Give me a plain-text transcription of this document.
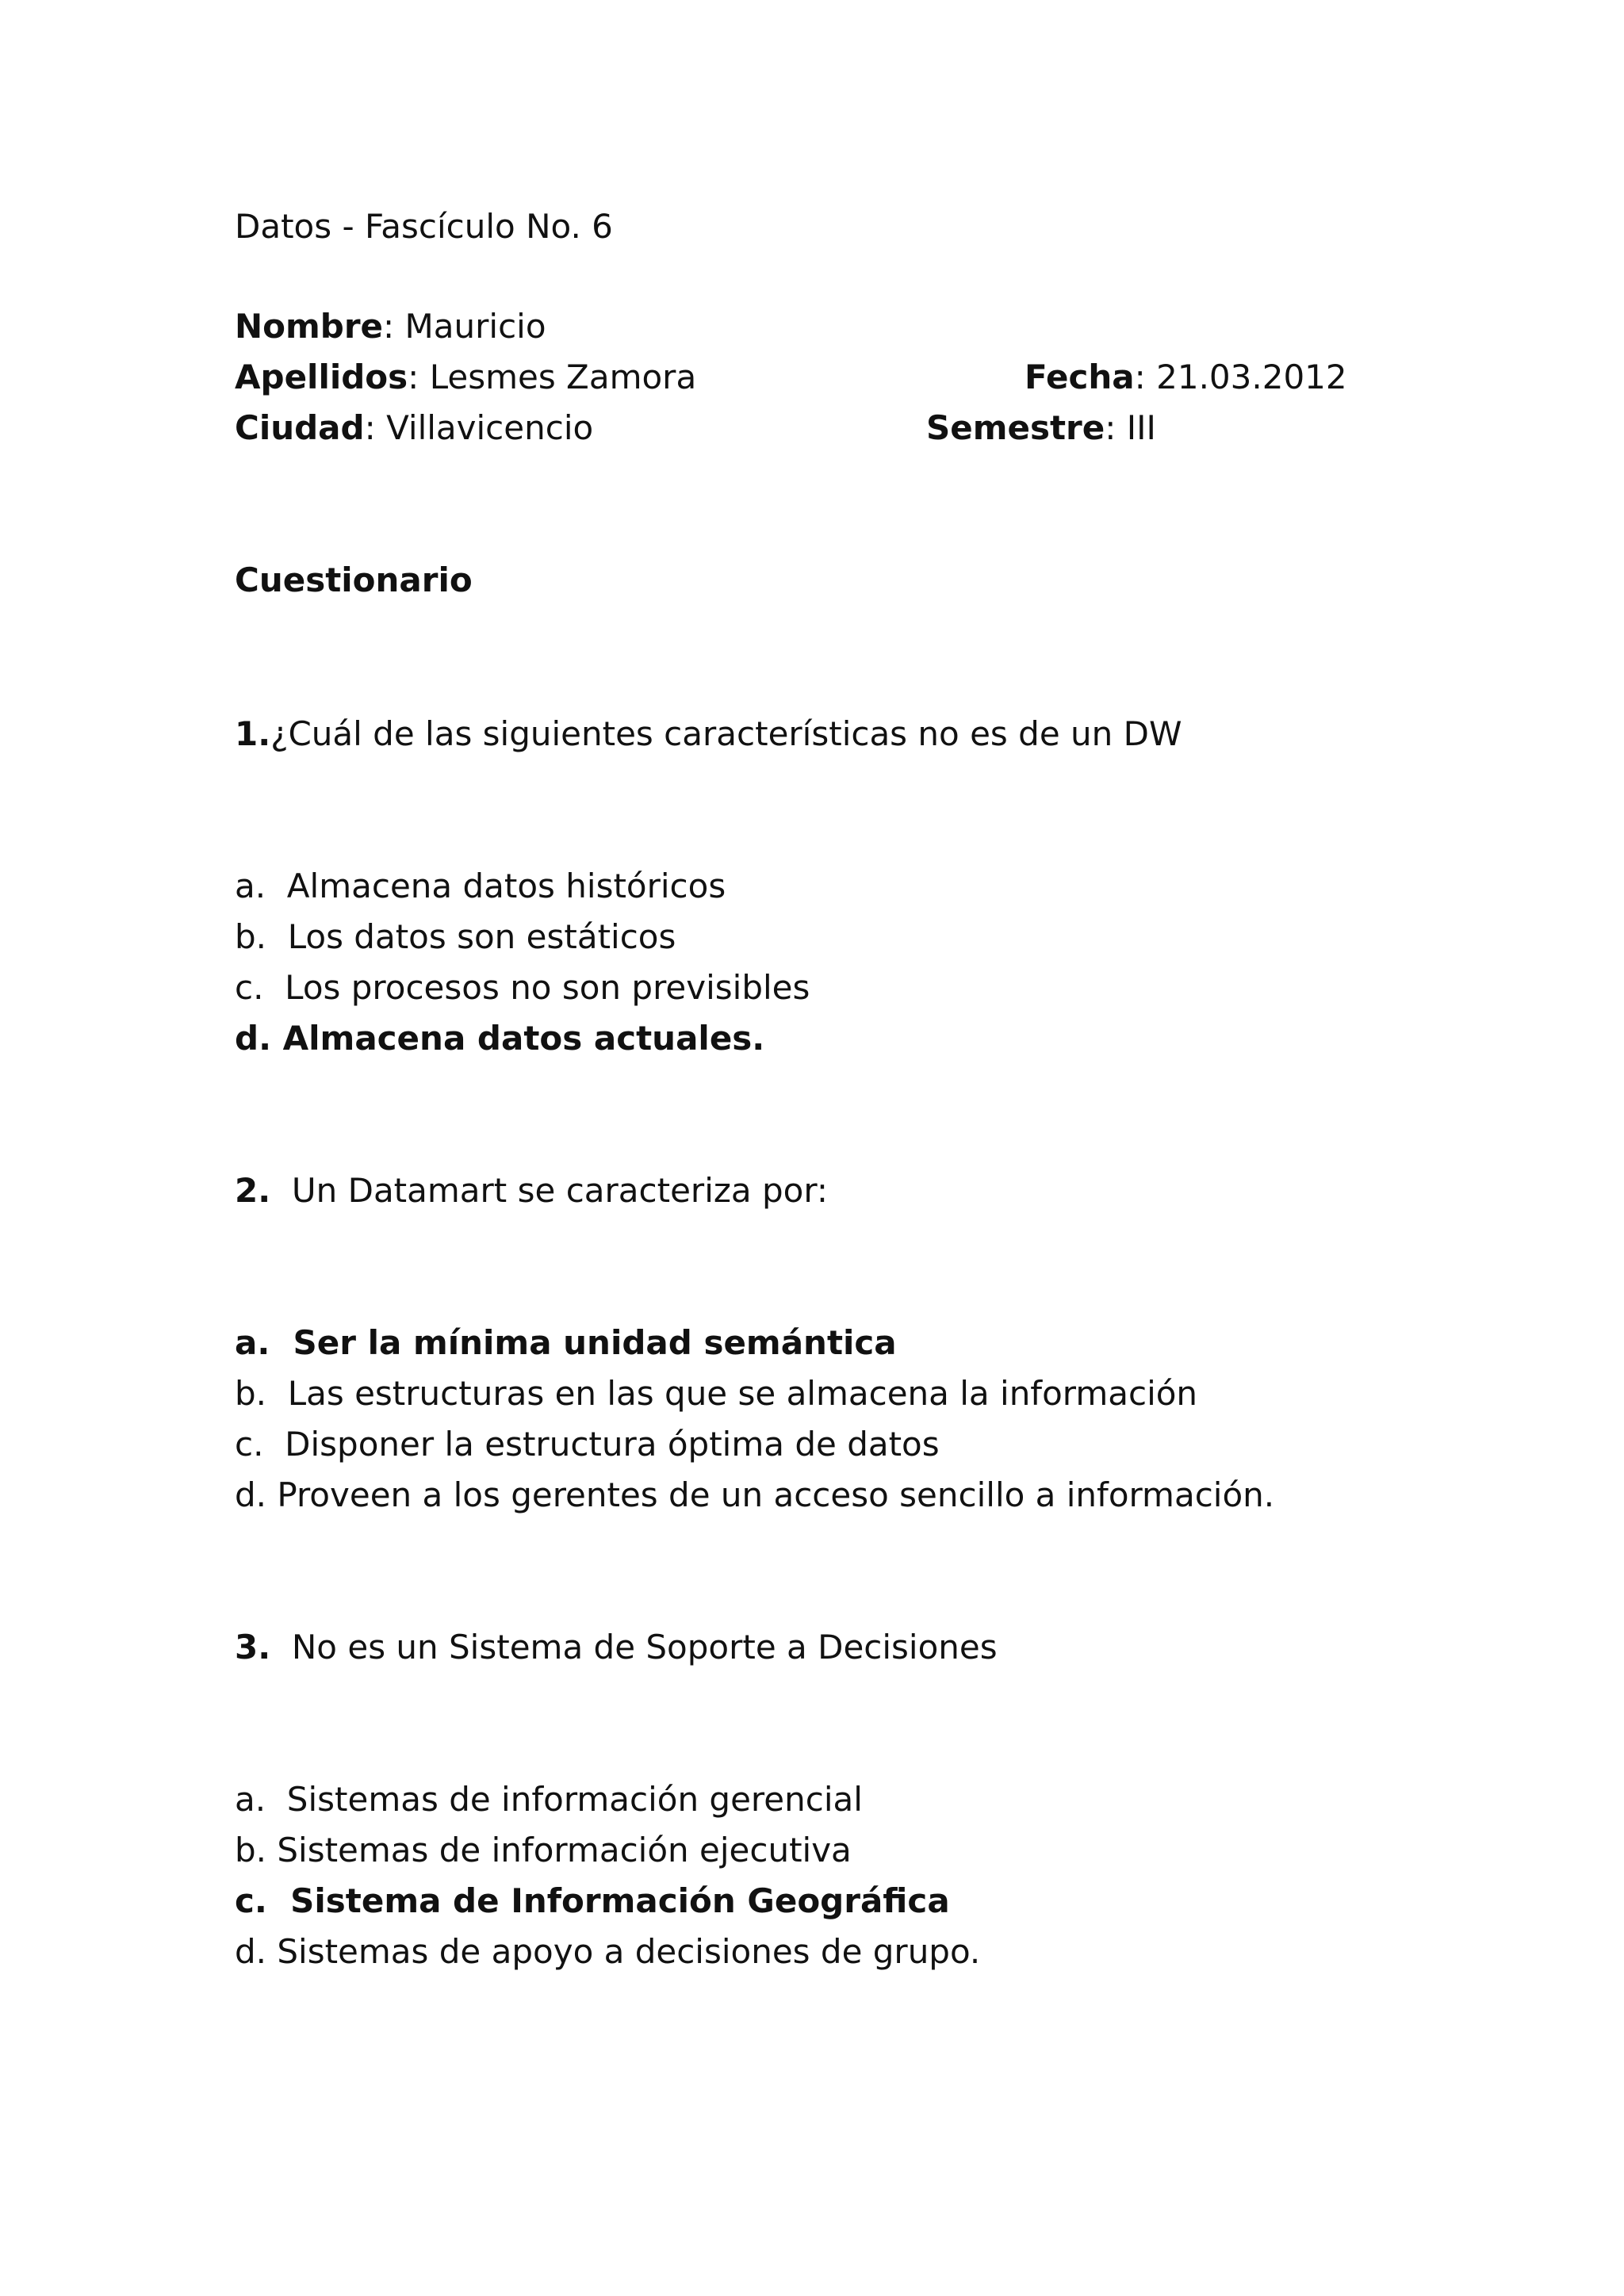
Datos - Fascículo No. 6
Nombre: Mauricio
Apellidos: Lesmes Zamora	Fecha: 21.03.2012
Ciudad: Villavicencio	Semestre: III
Cuestionario
1.¿Cuál de las siguientes características no es de un DW
a. Almacena datos históricos
b. Los datos son estáticos
c. Los procesos no son previsibles
d. Almacena datos actuales.
2. Un Datamart se caracteriza por:
a. Ser la mínima unidad semántica
b. Las estructuras en las que se almacena la información
c. Disponer la estructura óptima de datos
d. Proveen a los gerentes de un acceso sencillo a información.
3. No es un Sistema de Soporte a Decisiones
a. Sistemas de información gerencial
b. Sistemas de información ejecutiva
c. Sistema de Información Geográfica
d. Sistemas de apoyo a decisiones de grupo.
